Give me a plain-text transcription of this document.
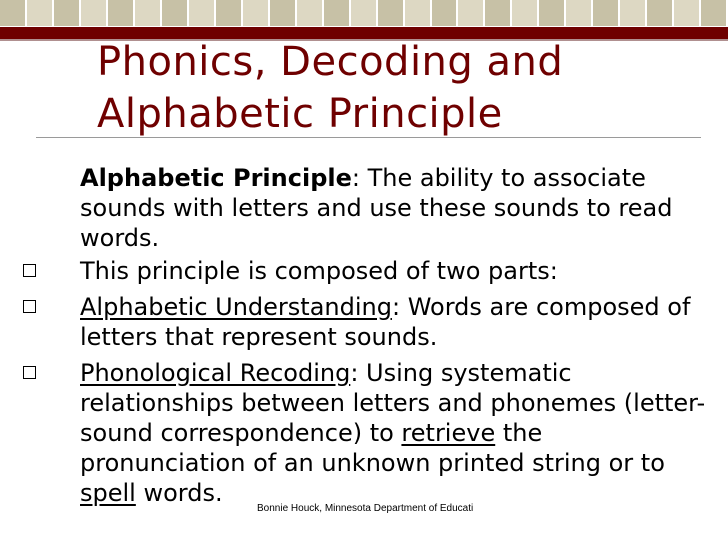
Phonics, Decoding and
Alphabetic Principle
Alphabetic Principle: The ability to associate sounds with letters and use these sounds to read words.
This principle is composed of two parts:
Alphabetic Understanding: Words are composed of letters that represent sounds.
Phonological Recoding: Using systematic relationships between letters and phonemes (letter-sound correspondence) to retrieve the pronunciation of an unknown printed string or to spell words.
Bonnie Houck, Minnesota Department of Educati
